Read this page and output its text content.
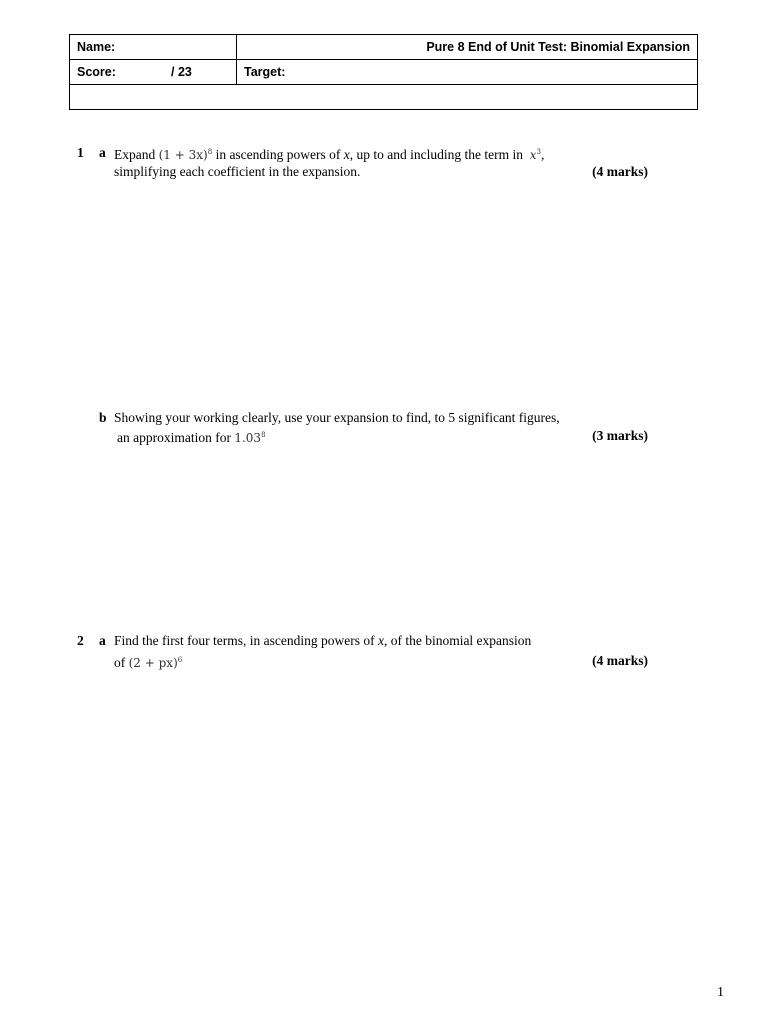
Name:	Pure 8 End of Unit Test: Binomial Expansion

Score: / 23	Target:

1 a Expand $(1 + 3x)^8$ in ascending powers of x, up to and including the term in $x^3$,
simplifying each coefficient in the expansion.	(4 marks)
b Showing your working clearly, use your expansion to find, to 5 significant figures,
an approximation for 1.03$^8$	(3 marks)
2 a Find the first four terms, in ascending powers of x, of the binomial expansion
of (2 + px)$^6$	(4 marks)
1
